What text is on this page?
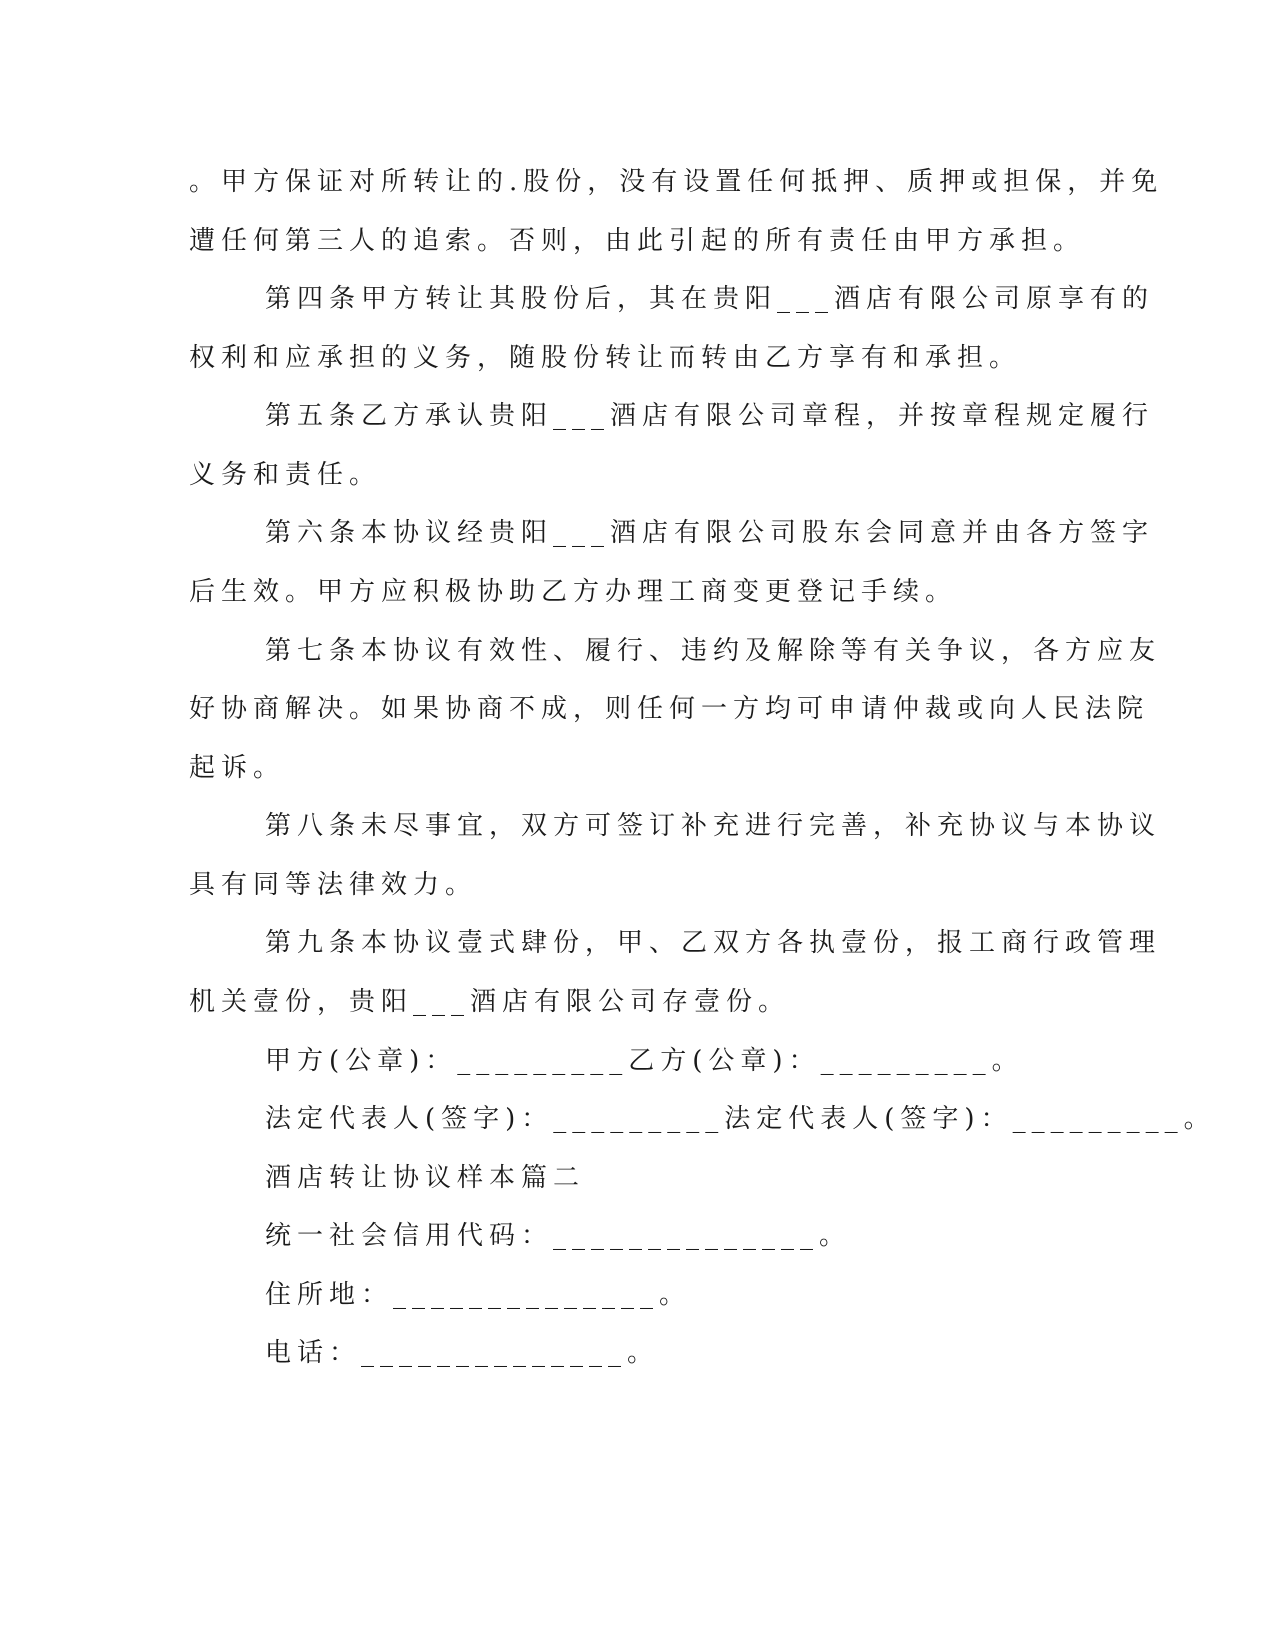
。甲方保证对所转让的.股份，没有设置任何抵押、质押或担保，并免
遭任何第三人的追索。否则，由此引起的所有责任由甲方承担。
第四条甲方转让其股份后，其在贵阳___酒店有限公司原享有的
权利和应承担的义务，随股份转让而转由乙方享有和承担。
第五条乙方承认贵阳___酒店有限公司章程，并按章程规定履行
义务和责任。
第六条本协议经贵阳___酒店有限公司股东会同意并由各方签字
后生效。甲方应积极协助乙方办理工商变更登记手续。
第七条本协议有效性、履行、违约及解除等有关争议，各方应友
好协商解决。如果协商不成，则任何一方均可申请仲裁或向人民法院
起诉。
第八条未尽事宜，双方可签订补充进行完善，补充协议与本协议
具有同等法律效力。
第九条本协议壹式肆份，甲、乙双方各执壹份，报工商行政管理
机关壹份，贵阳___酒店有限公司存壹份。
甲方(公章)：_________乙方(公章)：_________。
法定代表人(签字)：_________法定代表人(签字)：_________。
酒店转让协议样本篇二
统一社会信用代码：______________。
住所地：______________。
电话：______________。
